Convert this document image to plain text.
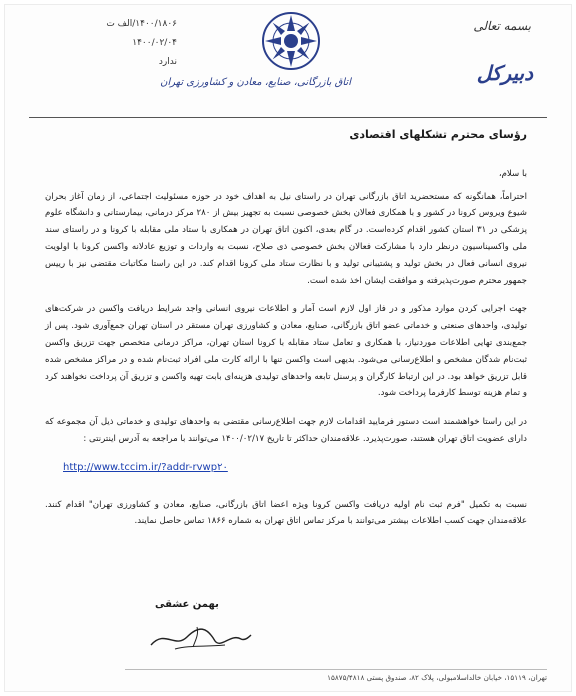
۱۴۰۰/۱۸۰۶/الف ت
۱۴۰۰/۰۲/۰۴
ندارد
اتاق بازرگانی، صنایع، معادن و کشاورزی تهران
بسمه تعالی
دبیرکل
رؤسای محترم تشکلهای اقتصادی
با سلام،

احتراماً، همانگونه که مستحضرید اتاق بازرگانی تهران در راستای نیل به اهداف خود در حوزه مسئولیت اجتماعی، از زمان آغاز بحران شیوع ویروس کرونا در کشور و با همکاری فعالان بخش خصوصی نسبت به تجهیز بیش از ۲۸۰ مرکز درمانی، بیمارستانی و دانشگاه علوم پزشکی در ۳۱ استان کشور اقدام کرده‌است. در گام بعدی، اکنون اتاق تهران در همکاری با ستاد ملی مقابله با کرونا و در راستای سند ملی واکسیناسیون درنظر دارد با مشارکت فعالان بخش خصوصی ذی صلاح، نسبت به واردات و توزیع عادلانه واکسن کرونا با اولویت نیروی انسانی فعال در بخش تولید و پشتیبانی تولید و با نظارت ستاد ملی کرونا اقدام کند. در این راستا مکاتبات مقتضی نیز با رییس جمهور محترم صورت‌پذیرفته و موافقت ایشان اخذ شده است.

جهت اجرایی کردن موارد مذکور و در فاز اول لازم است آمار و اطلاعات نیروی انسانی واجد شرایط دریافت واکسن در شرکت‌های تولیدی، واحدهای صنعتی و خدماتی عضو اتاق بازرگانی، صنایع، معادن و کشاورزی تهران مستقر در استان تهران جمع‌آوری شود. پس از جمع‌بندی تهایی اطلاعات موردنیاز، با همکاری و تعامل ستاد مقابله با کرونا استان تهران، مراکز درمانی متخصص جهت تزریق واکسن ثبت‌نام شدگان مشخص و اطلاع‌رسانی می‌شود. بدیهی است واکسن تنها با ارائه کارت ملی افراد ثبت‌نام شده و در مراکز مشخص شده قابل تزریق خواهد بود. در این ارتباط کارگران و پرسنل تابعه واحدهای تولیدی هزینه‌ای بابت تهیه واکسن و تزریق آن پرداخت نخواهند کرد و تمام هزینه توسط کارفرما پرداخت شود.

در این راستا خواهشمند است دستور فرمایید اقدامات لازم جهت اطلاع‌رسانی مقتضی به واحدهای تولیدی و خدماتی ذیل آن مجموعه که دارای عضویت اتاق تهران هستند، صورت‌پذیرد. علاقه‌مندان حداکثر تا تاریخ ۱۴۰۰/۰۲/۱۷ می‌توانند با مراجعه به آدرس اینترنتی :

http://www.tccim.ir/?addr-rvwp۲۰

نسبت به تکمیل "فرم ثبت نام اولیه دریافت واکسن کرونا ویژه اعضا اتاق بازرگانی، صنایع، معادن و کشاورزی تهران" اقدام کنند. علاقه‌مندان جهت کسب اطلاعات بیشتر می‌توانند با مرکز تماس اتاق تهران به شماره ۱۸۶۶ تماس حاصل نمایند.

بهمن عشقی
تهران، ۱۵۱۱۹، خیابان خالداسلامبولی، پلاک ۸۲، صندوق پستی ۱۵۸۷۵/۴۸۱۸
